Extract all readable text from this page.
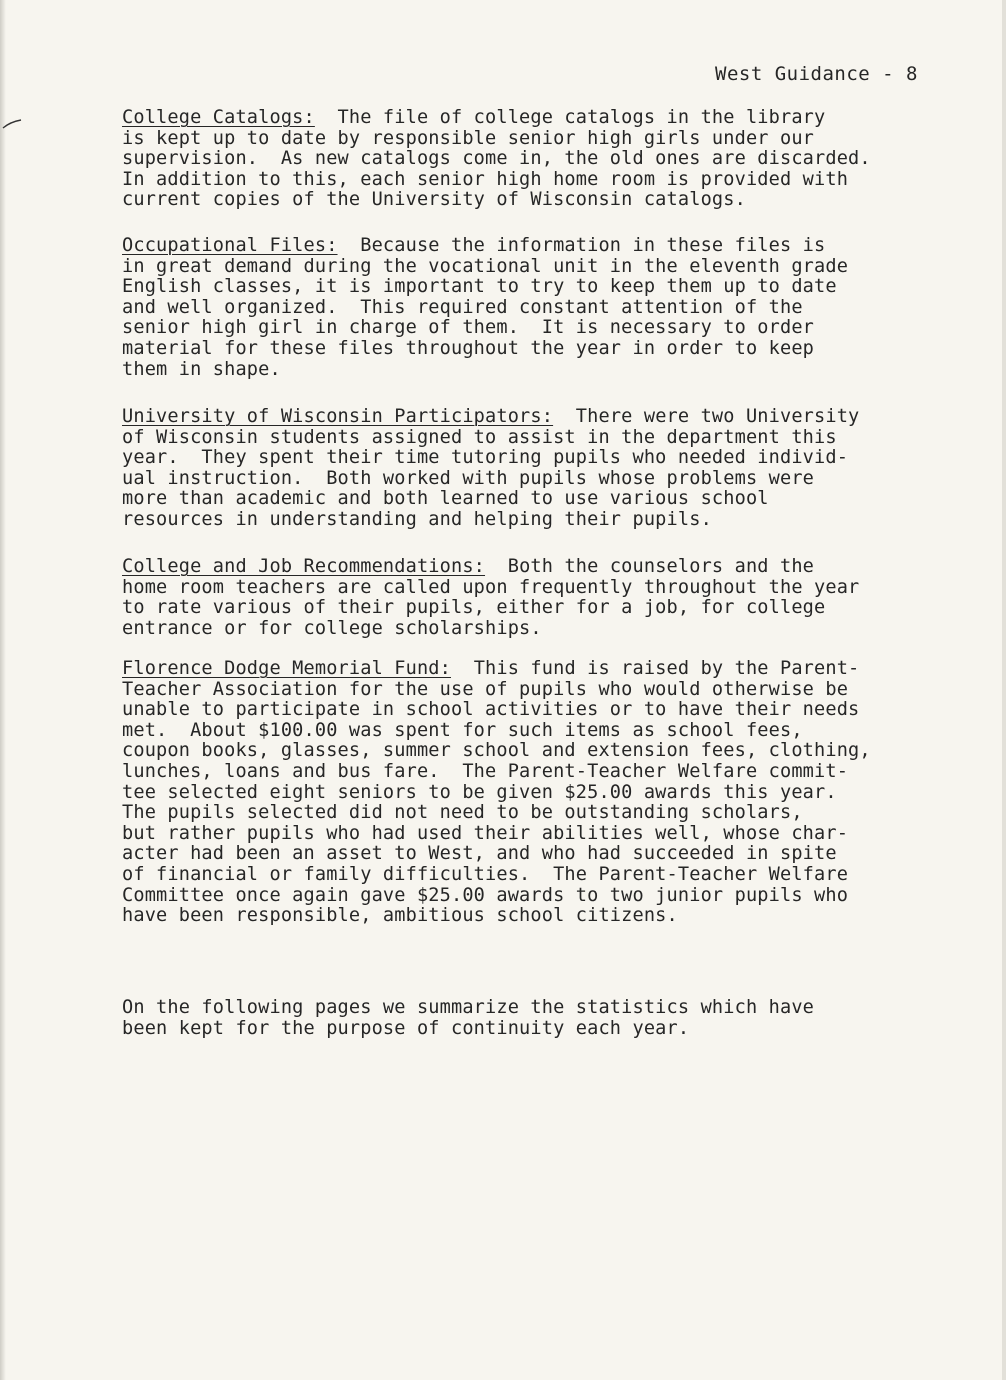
West Guidance - 8
College Catalogs:  The file of college catalogs in the library
is kept up to date by responsible senior high girls under our
supervision.  As new catalogs come in, the old ones are discarded.
In addition to this, each senior high home room is provided with
current copies of the University of Wisconsin catalogs.
Occupational Files:  Because the information in these files is
in great demand during the vocational unit in the eleventh grade
English classes, it is important to try to keep them up to date
and well organized.  This required constant attention of the
senior high girl in charge of them.  It is necessary to order
material for these files throughout the year in order to keep
them in shape.
University of Wisconsin Participators:  There were two University
of Wisconsin students assigned to assist in the department this
year.  They spent their time tutoring pupils who needed individ-
ual instruction.  Both worked with pupils whose problems were
more than academic and both learned to use various school
resources in understanding and helping their pupils.
College and Job Recommendations:  Both the counselors and the
home room teachers are called upon frequently throughout the year
to rate various of their pupils, either for a job, for college
entrance or for college scholarships.
Florence Dodge Memorial Fund:  This fund is raised by the Parent-
Teacher Association for the use of pupils who would otherwise be
unable to participate in school activities or to have their needs
met.  About $100.00 was spent for such items as school fees,
coupon books, glasses, summer school and extension fees, clothing,
lunches, loans and bus fare.  The Parent-Teacher Welfare commit-
tee selected eight seniors to be given $25.00 awards this year.
The pupils selected did not need to be outstanding scholars,
but rather pupils who had used their abilities well, whose char-
acter had been an asset to West, and who had succeeded in spite
of financial or family difficulties.  The Parent-Teacher Welfare
Committee once again gave $25.00 awards to two junior pupils who
have been responsible, ambitious school citizens.
On the following pages we summarize the statistics which have
been kept for the purpose of continuity each year.
